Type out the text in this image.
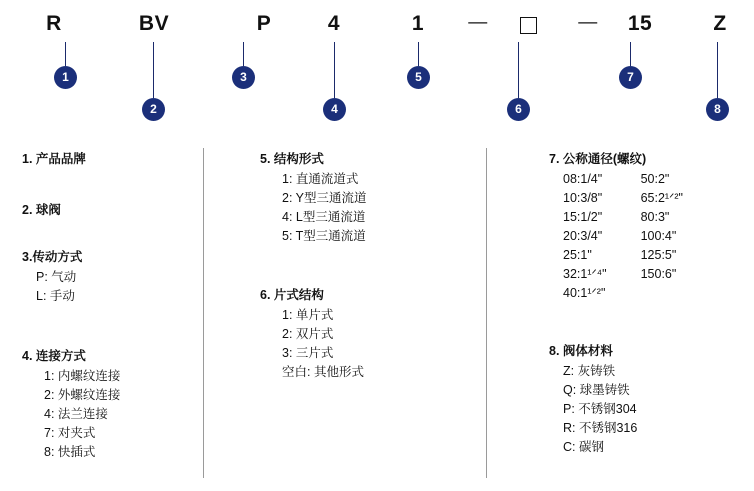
R	BV	P	4	1	—	—	15	Z
1
2
3
4
5
6
7
8
1. 产品品牌
2. 球阀
3.传动方式
P: 气动
L: 手动
4. 连接方式
1: 内螺纹连接
2: 外螺纹连接
4: 法兰连接
7: 对夹式
8: 快插式
5. 结构形式
1: 直通流道式
2: Y型三通流道
4: L型三通流道
5: T型三通流道
6. 片式结构
1: 单片式
2: 双片式
3: 三片式
空白: 其他形式
8. 阀体材料
Z: 灰铸铁
Q: 球墨铸铁
P: 不锈钢304
R: 不锈钢316
C: 碳钢
7. 公称通径(螺纹)
08:1/4"
10:3/8"
15:1/2"
20:3/4"
25:1"
32:1¹ᐟ⁴"
40:1¹ᐟ²"
50:2"
65:2¹ᐟ²"
80:3"
100:4"
125:5"
150:6"
